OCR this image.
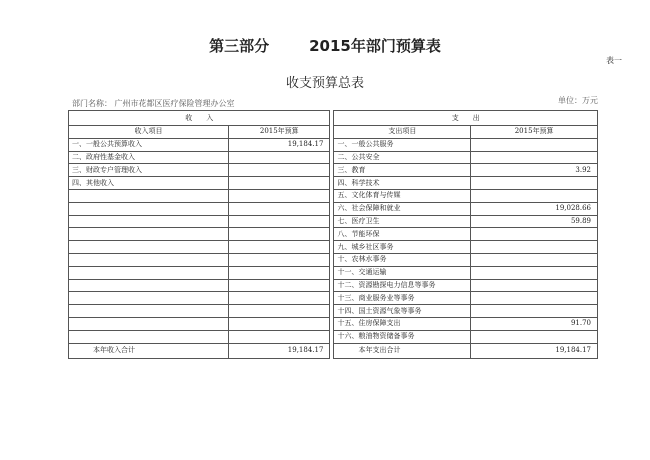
第三部分	2015年部门预算表
表一
收支预算总表
部门名称： 广州市花都区医疗保险管理办公室	单位：万元
收　　入			支　　出	
收入项目	2015年预算		支出项目	2015年预算
一、一般公共预算收入	19,184.17		一、一般公共服务	
二、政府性基金收入			二、公共安全	
三、财政专户管理收入			三、教育	3.92
四、其他收入			四、科学技术	
			五、文化体育与传媒	
			六、社会保障和就业	19,028.66
			七、医疗卫生	59.89
			八、节能环保	
			九、城乡社区事务	
			十、农林水事务	
			十一、交通运输	
			十二、资源勘探电力信息等事务	
			十三、商业服务业等事务	
			十四、国土资源气象等事务	
			十五、住房保障支出	91.70
			十六、粮油物资储备事务	
本年收入合计	19,184.17		本年支出合计	19,184.17
